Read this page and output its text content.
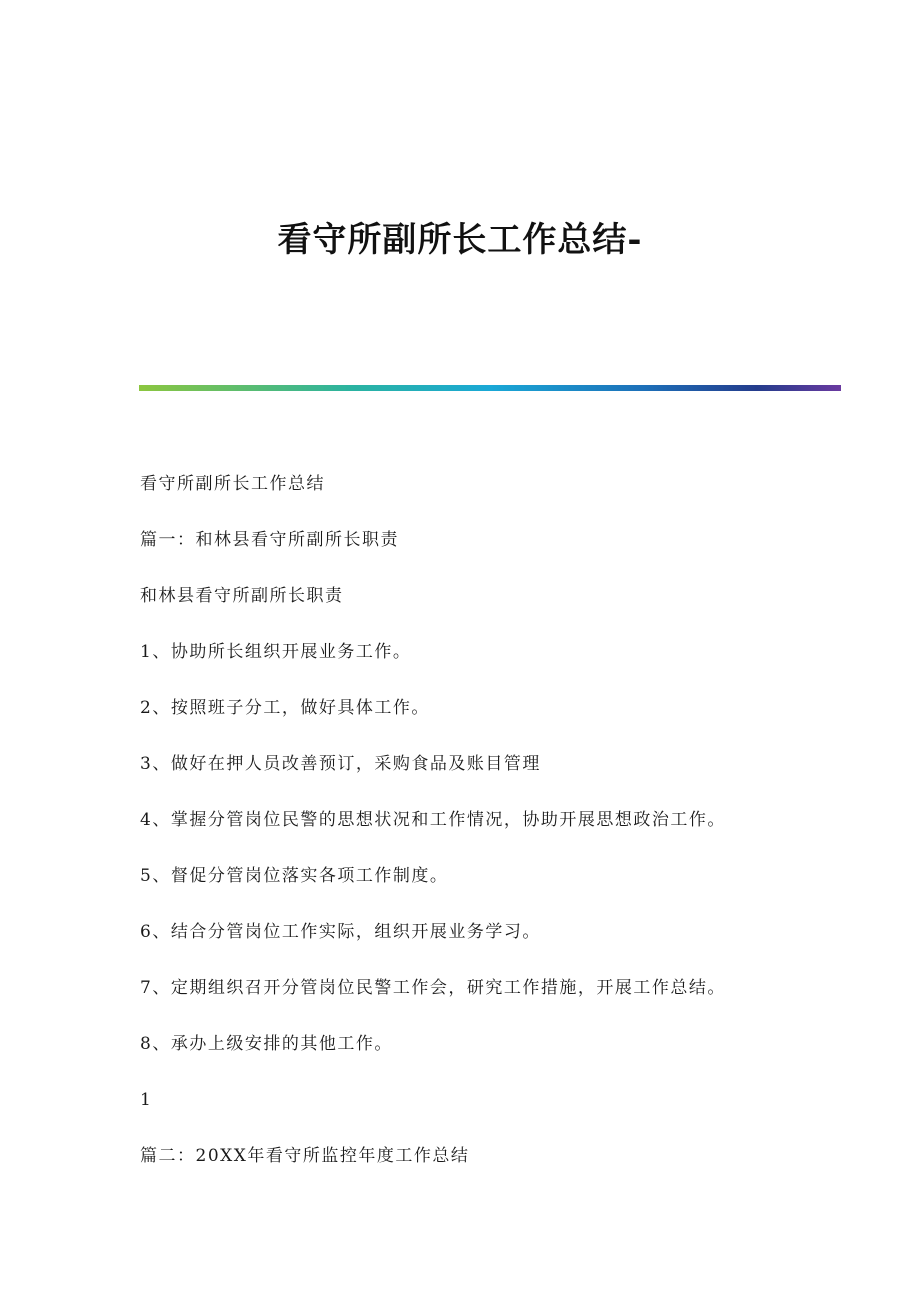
看守所副所长工作总结-
看守所副所长工作总结
篇一：和林县看守所副所长职责
和林县看守所副所长职责
1、协助所长组织开展业务工作。
2、按照班子分工，做好具体工作。
3、做好在押人员改善预订，采购食品及账目管理
4、掌握分管岗位民警的思想状况和工作情况，协助开展思想政治工作。
5、督促分管岗位落实各项工作制度。
6、结合分管岗位工作实际，组织开展业务学习。
7、定期组织召开分管岗位民警工作会，研究工作措施，开展工作总结。
8、承办上级安排的其他工作。
1
篇二：20XX年看守所监控年度工作总结
